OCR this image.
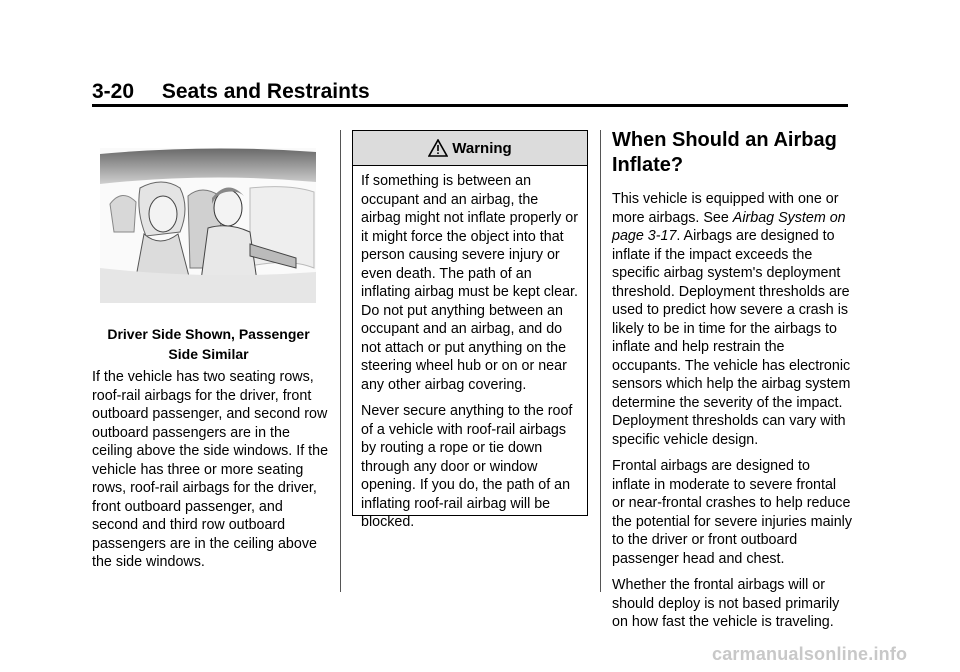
3-20 Seats and Restraints
Driver Side Shown, Passenger
Side Similar

If the vehicle has two seating rows, roof-rail airbags for the driver, front outboard passenger, and second row outboard passengers are in the ceiling above the side windows. If the vehicle has three or more seating rows, roof-rail airbags for the driver, front outboard passenger, and second and third row outboard passengers are in the ceiling above the side windows.

Warning

If something is between an occupant and an airbag, the airbag might not inflate properly or it might force the object into that person causing severe injury or even death. The path of an inflating airbag must be kept clear. Do not put anything between an occupant and an airbag, and do not attach or put anything on the steering wheel hub or on or near any other airbag covering.

Never secure anything to the roof of a vehicle with roof-rail airbags by routing a rope or tie down through any door or window opening. If you do, the path of an inflating roof-rail airbag will be blocked.

When Should an Airbag Inflate?

This vehicle is equipped with one or more airbags. See Airbag System on page 3-17. Airbags are designed to inflate if the impact exceeds the specific airbag system's deployment threshold. Deployment thresholds are used to predict how severe a crash is likely to be in time for the airbags to inflate and help restrain the occupants. The vehicle has electronic sensors which help the airbag system determine the severity of the impact. Deployment thresholds can vary with specific vehicle design.

Frontal airbags are designed to inflate in moderate to severe frontal or near-frontal crashes to help reduce the potential for severe injuries mainly to the driver or front outboard passenger head and chest.

Whether the frontal airbags will or should deploy is not based primarily on how fast the vehicle is traveling.

carmanualsonline.info
